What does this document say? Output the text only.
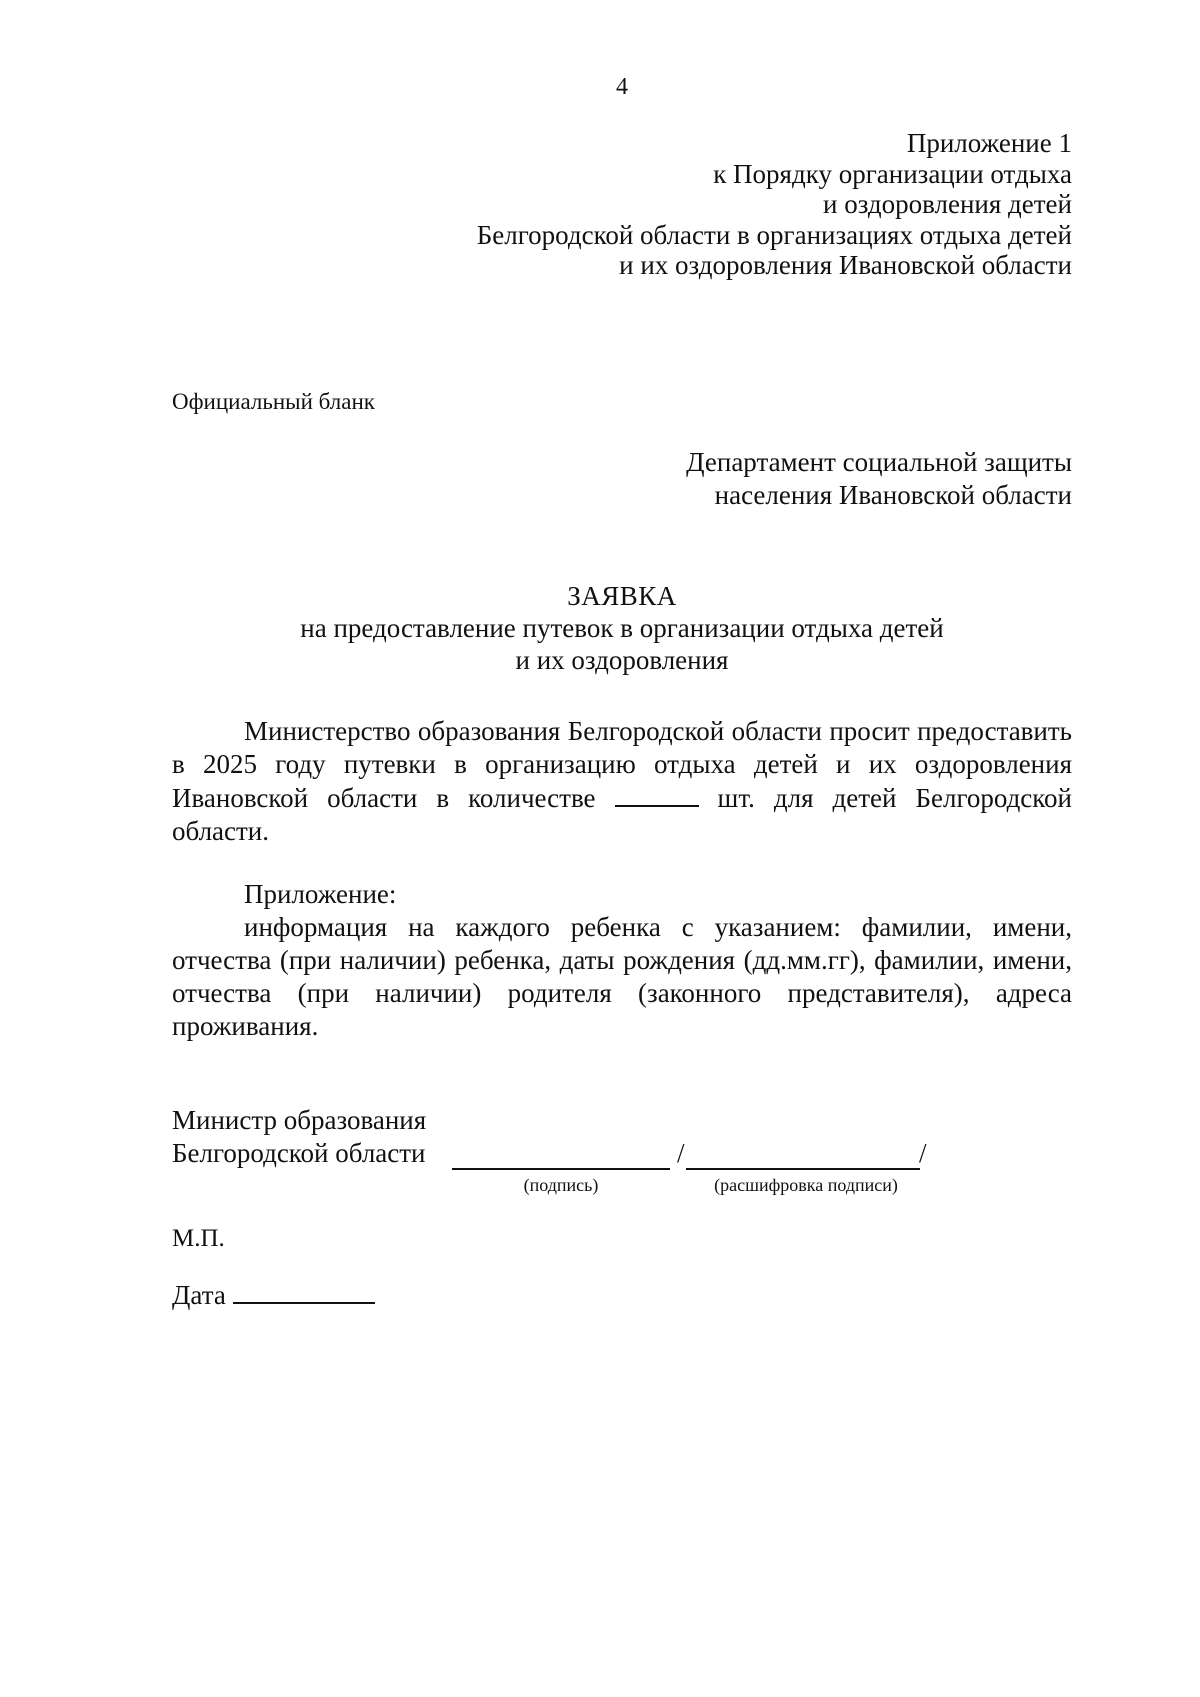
4
Приложение 1
к Порядку организации отдыха
и оздоровления детей
Белгородской области в организациях отдыха детей
и их оздоровления Ивановской области
Официальный бланк
Департамент социальной защиты
населения Ивановской области
ЗАЯВКА
на предоставление путевок в организации отдыха детей
и их оздоровления
Министерство образования Белгородской области просит предоставить в 2025 году путевки в организацию отдыха детей и их оздоровления Ивановской области в количестве	шт. для детей Белгородской области.
Приложение:
информация на каждого ребенка с указанием: фамилии, имени, отчества (при наличии) ребенка, даты рождения (дд.мм.гг), фамилии, имени, отчества (при наличии) родителя (законного представителя), адреса проживания.
Министр образования
Белгородской области	/	/
(подпись)	(расшифровка подписи)
М.П.
Дата
